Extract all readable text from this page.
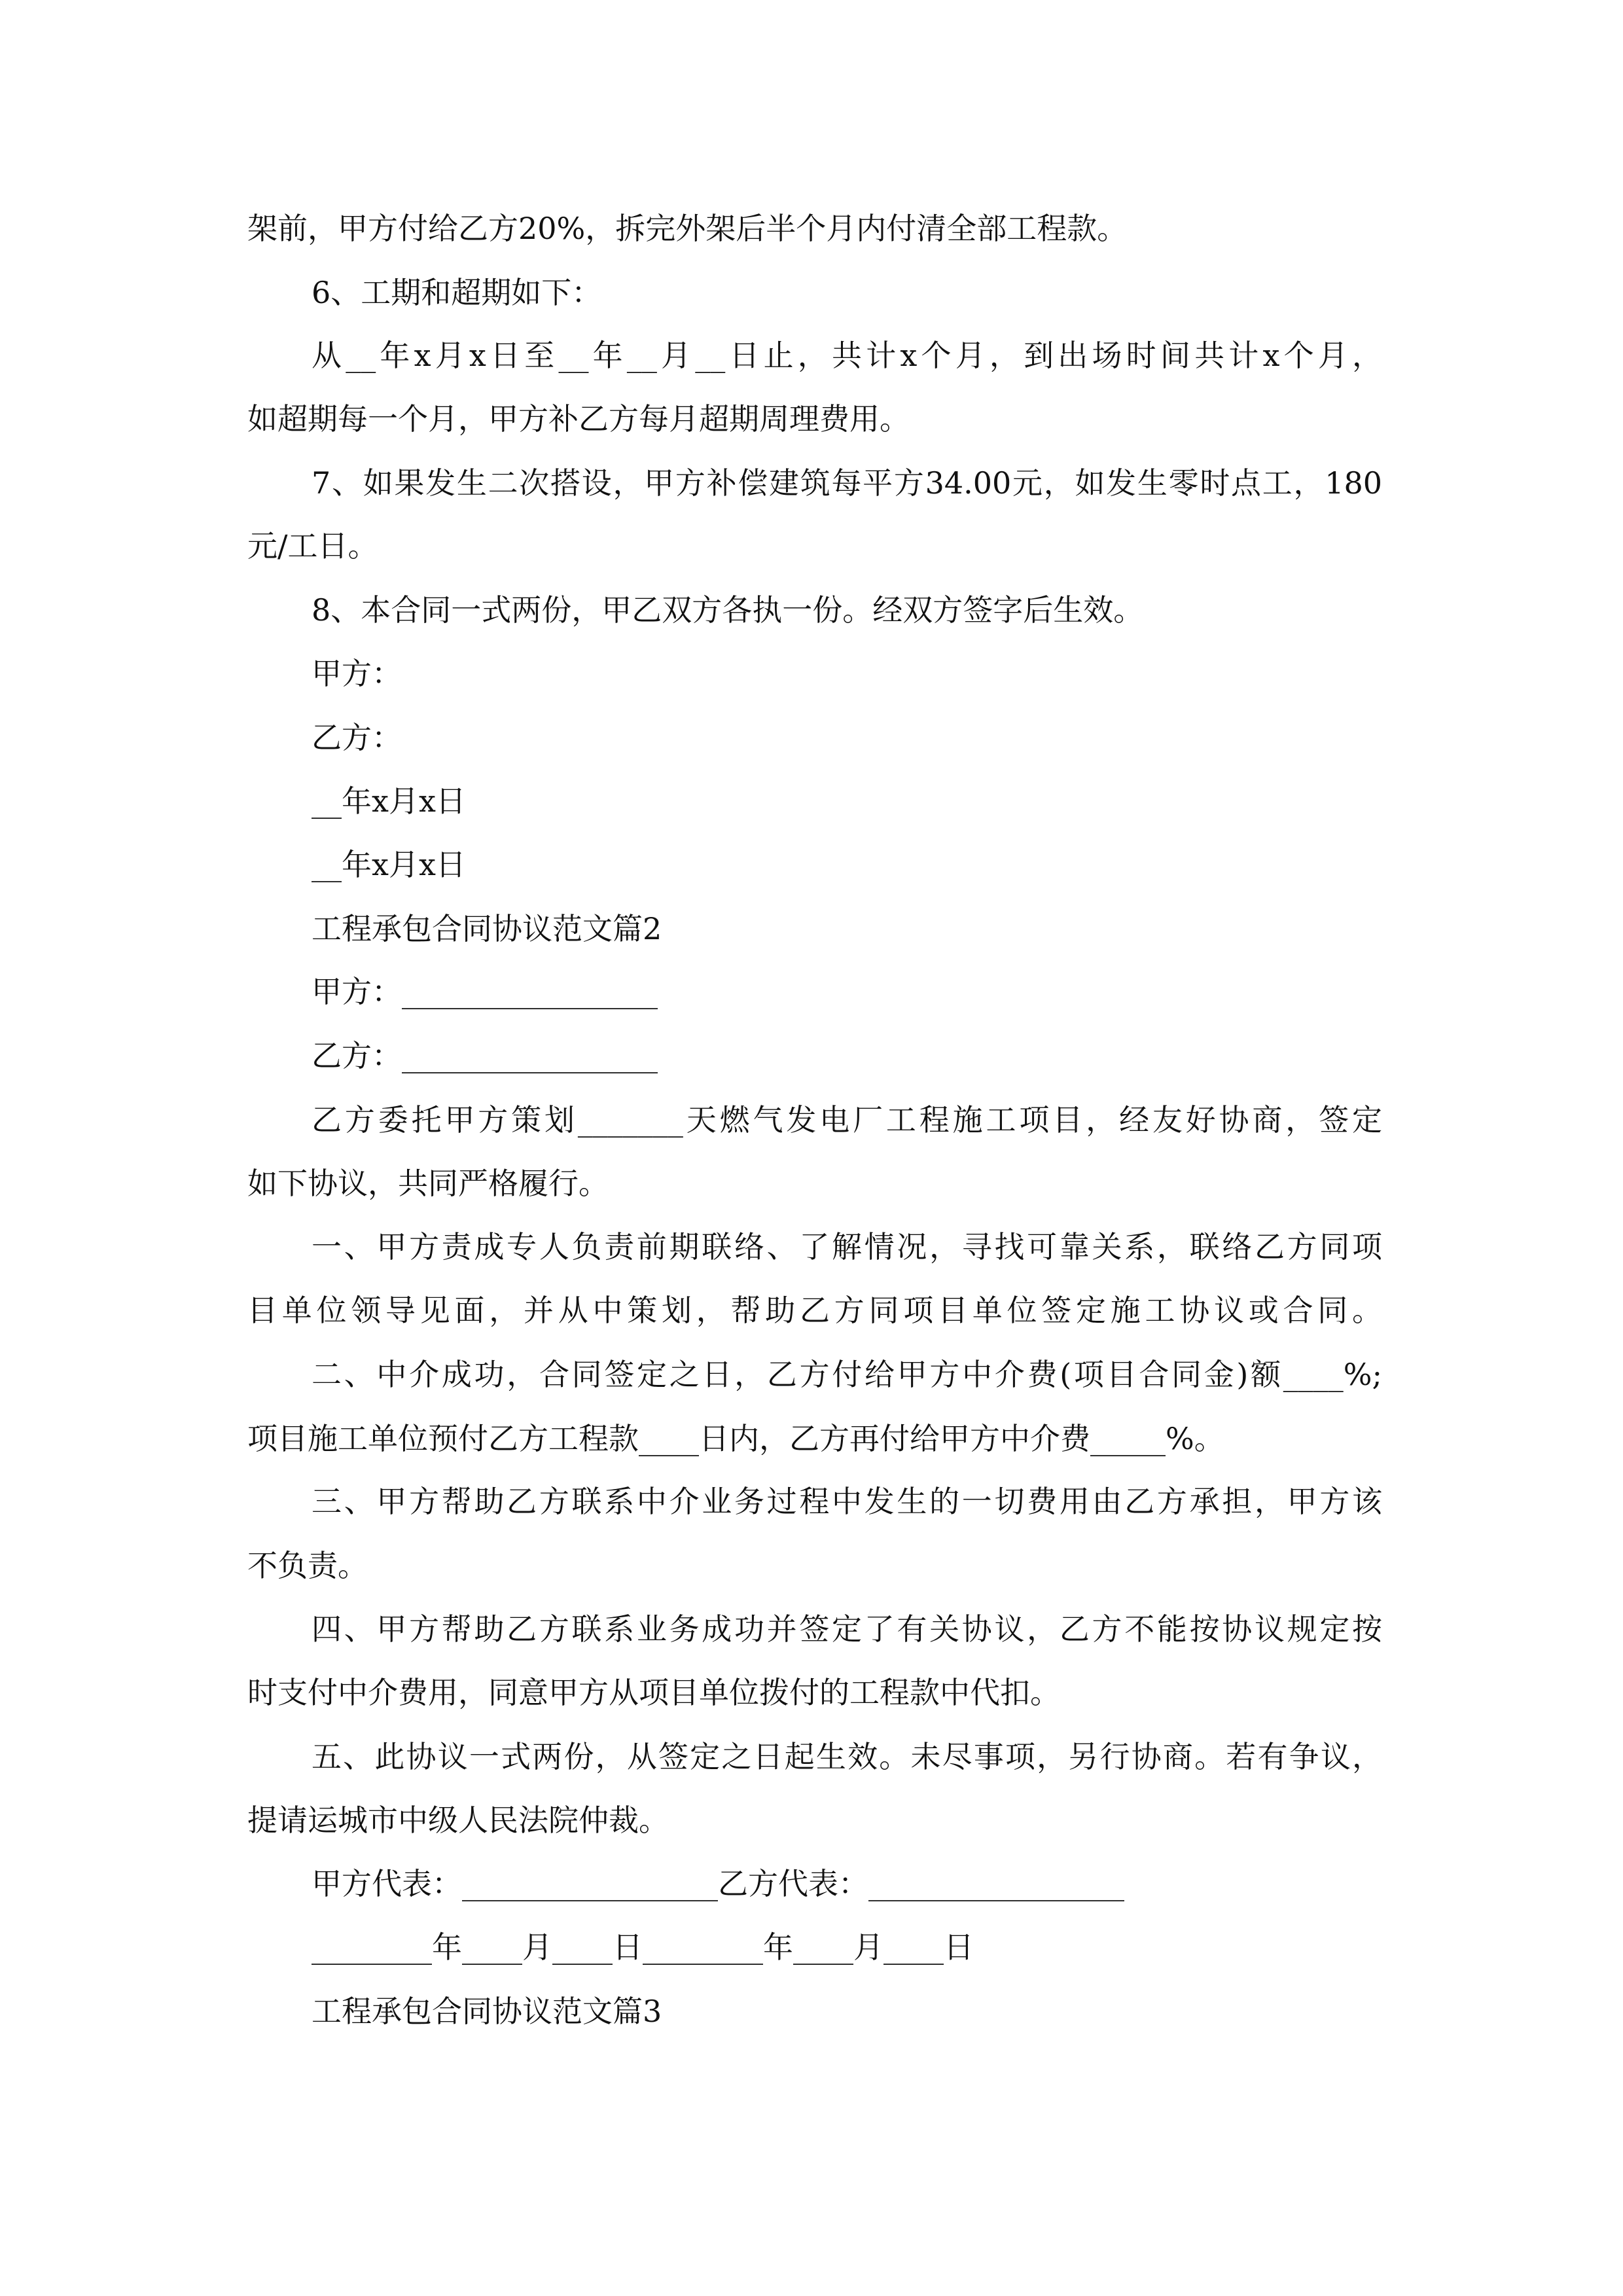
架前，甲方付给乙方20%，拆完外架后半个月内付清全部工程款。
6、工期和超期如下：
从__年x月x日至__年__月__日止，共计x个月，到出场时间共计x个月，
如超期每一个月，甲方补乙方每月超期周理费用。
7、如果发生二次搭设，甲方补偿建筑每平方34.00元，如发生零时点工，180
元/工日。
8、本合同一式两份，甲乙双方各执一份。经双方签字后生效。
甲方：
乙方：
__年x月x日
__年x月x日
工程承包合同协议范文篇2
甲方：_________________
乙方：_________________
乙方委托甲方策划_______天燃气发电厂工程施工项目，经友好协商，签定
如下协议，共同严格履行。
一、甲方责成专人负责前期联络、了解情况，寻找可靠关系，联络乙方同项
目单位领导见面，并从中策划，帮助乙方同项目单位签定施工协议或合同。
二、中介成功，合同签定之日，乙方付给甲方中介费(项目合同金)额____%;
项目施工单位预付乙方工程款____日内，乙方再付给甲方中介费_____%。
三、甲方帮助乙方联系中介业务过程中发生的一切费用由乙方承担，甲方该
不负责。
四、甲方帮助乙方联系业务成功并签定了有关协议，乙方不能按协议规定按
时支付中介费用，同意甲方从项目单位拨付的工程款中代扣。
五、此协议一式两份，从签定之日起生效。未尽事项，另行协商。若有争议，
提请运城市中级人民法院仲裁。
甲方代表：_________________乙方代表：_________________
________年____月____日________年____月____日
工程承包合同协议范文篇3
